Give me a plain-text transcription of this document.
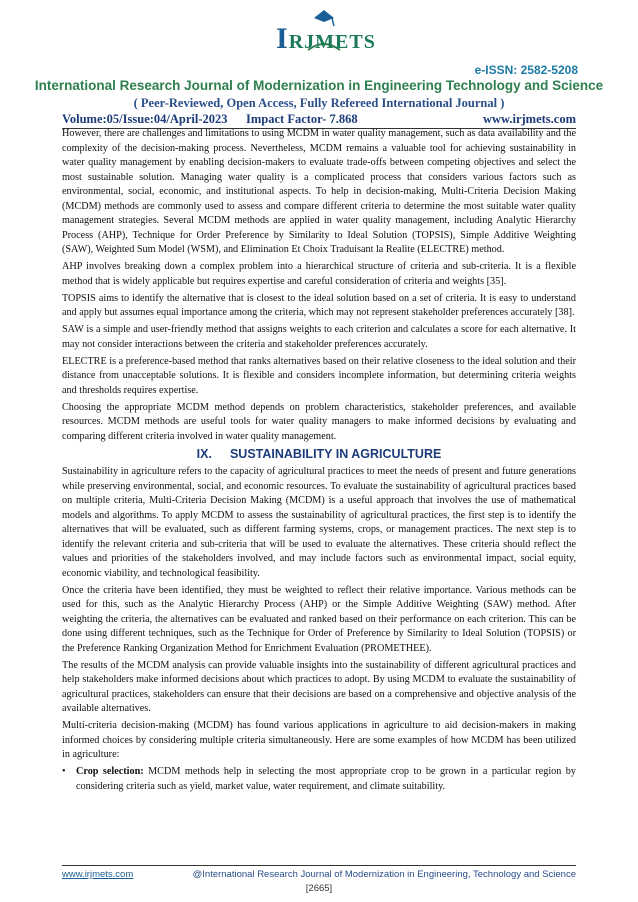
IRJMETS
e-ISSN: 2582-5208
International Research Journal of Modernization in Engineering Technology and Science
( Peer-Reviewed, Open Access, Fully Refereed International Journal )
Volume:05/Issue:04/April-2023 Impact Factor- 7.868	www.irjmets.com

However, there are challenges and limitations to using MCDM in water quality management, such as data availability and the complexity of the decision-making process. Nevertheless, MCDM remains a valuable tool for achieving sustainability in water quality management by enabling decision-makers to evaluate trade-offs between competing objectives and select the most sustainable solution. Managing water quality is a complicated process that considers various factors such as environmental, social, economic, and institutional aspects. To help in decision-making, Multi-Criteria Decision Making (MCDM) methods are commonly used to assess and compare different criteria to determine the most suitable water quality management strategies. Several MCDM methods are applied in water quality management, including Analytic Hierarchy Process (AHP), Technique for Order Preference by Similarity to Ideal Solution (TOPSIS), Simple Additive Weighting (SAW), Weighted Sum Model (WSM), and Elimination Et Choix Traduisant la Realite (ELECTRE) method.

AHP involves breaking down a complex problem into a hierarchical structure of criteria and sub-criteria. It is a flexible method that is widely applicable but requires expertise and careful consideration of criteria and weights [35].

TOPSIS aims to identify the alternative that is closest to the ideal solution based on a set of criteria. It is easy to understand and apply but assumes equal importance among the criteria, which may not represent stakeholder preferences accurately [38].

SAW is a simple and user-friendly method that assigns weights to each criterion and calculates a score for each alternative. It may not consider interactions between the criteria and stakeholder preferences accurately.

ELECTRE is a preference-based method that ranks alternatives based on their relative closeness to the ideal solution and their distance from unacceptable solutions. It is flexible and considers incomplete information, but determining criteria weights and thresholds requires expertise.

Choosing the appropriate MCDM method depends on problem characteristics, stakeholder preferences, and available resources. MCDM methods are useful tools for water quality managers to make informed decisions by evaluating and comparing different criteria involved in water quality management.

IX. SUSTAINABILITY IN AGRICULTURE

Sustainability in agriculture refers to the capacity of agricultural practices to meet the needs of present and future generations while preserving environmental, social, and economic resources. To evaluate the sustainability of agricultural practices based on multiple criteria, Multi-Criteria Decision Making (MCDM) is a useful approach that involves the use of mathematical models and algorithms. To apply MCDM to assess the sustainability of agricultural practices, the first step is to identify the alternatives that will be evaluated, such as different farming systems, crops, or management practices. The next step is to identify the relevant criteria and sub-criteria that will be used to evaluate the alternatives. These criteria should reflect the values and priorities of the stakeholders involved, and may include factors such as environmental impact, social equity, economic viability, and technological feasibility.

Once the criteria have been identified, they must be weighted to reflect their relative importance. Various methods can be used for this, such as the Analytic Hierarchy Process (AHP) or the Simple Additive Weighting (SAW) method. After weighting the criteria, the alternatives can be evaluated and ranked based on their performance on each criterion. This can be done using different techniques, such as the Technique for Order of Preference by Similarity to Ideal Solution (TOPSIS) or the Preference Ranking Organization Method for Enrichment Evaluation (PROMETHEE).

The results of the MCDM analysis can provide valuable insights into the sustainability of different agricultural practices and help stakeholders make informed decisions about which practices to adopt. By using MCDM to evaluate the sustainability of agricultural practices, stakeholders can ensure that their decisions are based on a comprehensive and objective analysis of the available alternatives.

Multi-criteria decision-making (MCDM) has found various applications in agriculture to aid decision-makers in making informed choices by considering multiple criteria simultaneously. Here are some examples of how MCDM has been utilized in agriculture:

•	Crop selection: MCDM methods help in selecting the most appropriate crop to be grown in a particular region by considering criteria such as yield, market value, water requirement, and climate suitability.
www.irjmets.com	@International Research Journal of Modernization in Engineering, Technology and Science
[2665]
